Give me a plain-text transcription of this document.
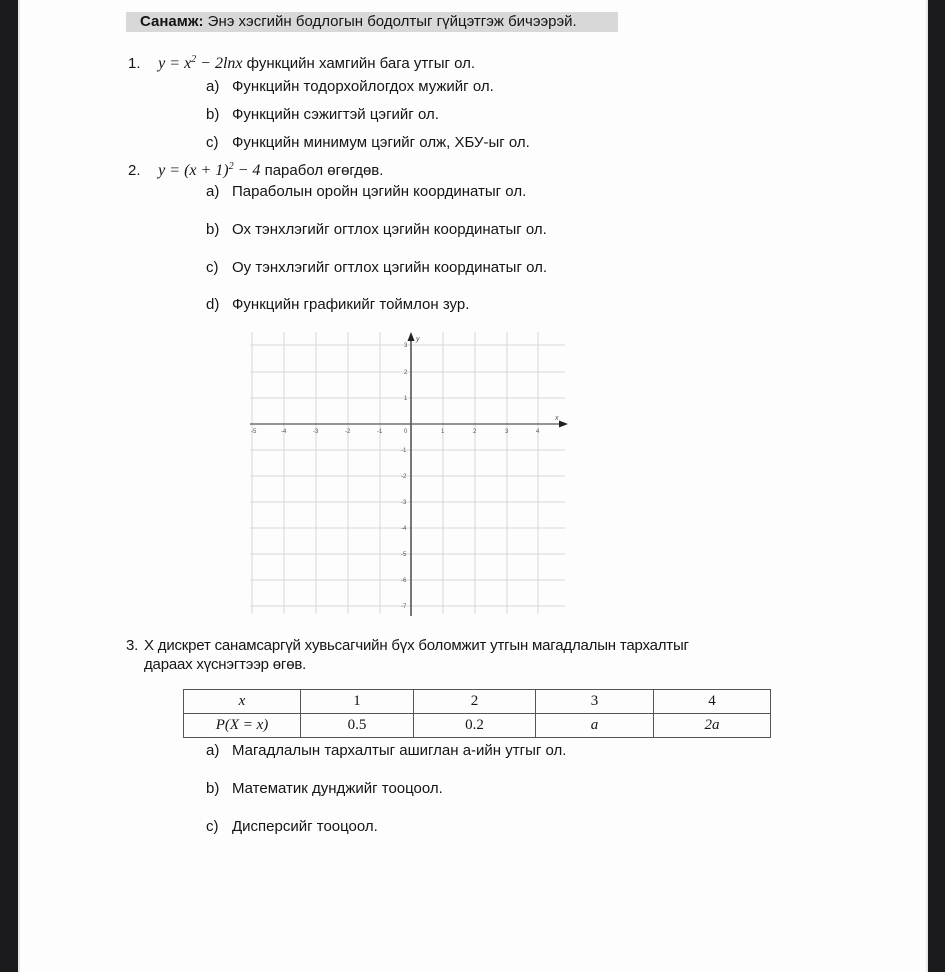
Санамж: Энэ хэсгийн бодлогын бодолтыг гүйцэтгэж бичээрэй.
1. $y = x^2 - 2\ln x$ функцийн хамгийн бага утгыг ол.
a) Функцийн тодорхойлогдох мужийг ол.
b) Функцийн сэжигтэй цэгийг ол.
c) Функцийн минимум цэгийг олж, ХБУ-ыг ол.
2. $y = (x + 1)^2 - 4$ парабол өгөгдөв.
a) Параболын оройн цэгийн координатыг ол.
b) Ох тэнхлэгийг огтлох цэгийн координатыг ол.
c) Оу тэнхлэгийг огтлох цэгийн координатыг ол.
d) Функцийн графикийг тоймлон зур.
y
x
-5	-4	-3	-2	-1	0	1	2	3	4
3
2
1
-1
-2
-3
-4
-5
-6
-7
3. X дискрет санамсаргүй хувьсагчийн бүх боломжит утгын магадлалын тархалтыг
дараах хүснэгтээр өгөв.
x	1	2	3	4
P(X = x)	0.5	0.2	a	2a
a) Магадлалын тархалтыг ашиглан а-ийн утгыг ол.
b) Математик дунджийг тооцоол.
c) Дисперсийг тооцоол.
